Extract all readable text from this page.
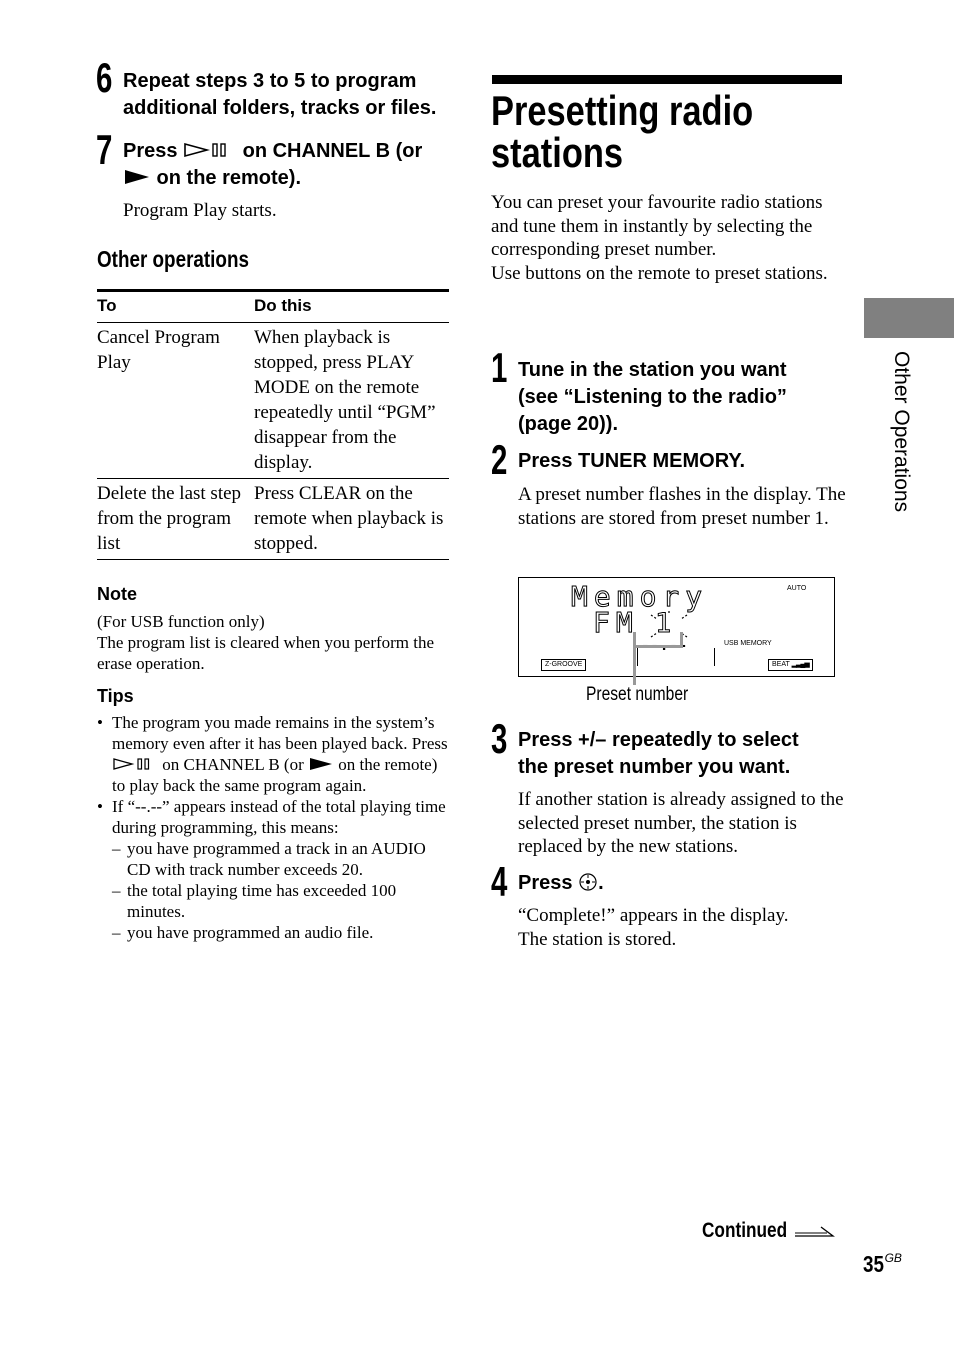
6 Repeat steps 3 to 5 to program additional folders, tracks or files.
7 Press	on CHANNEL B (or
on the remote).
Program Play starts.
Other operations
To	Do this
Cancel Program Play	When playback is stopped, press PLAY MODE on the remote repeatedly until “PGM” disappear from the display.
Delete the last step from the program list	Press CLEAR on the remote when playback is stopped.
Note
(For USB function only)
The program list is cleared when you perform the erase operation.
Tips
• The program you made remains in the system’s memory even after it has been played back. Press  on CHANNEL B (or  on the remote) to play back the same program again.
• If “--.--” appears instead of the total playing time during programming, this means:
– you have programmed a track in an AUDIO CD with track number exceeds 20.
– the total playing time has exceeded 100 minutes.
– you have programmed an audio file.
Presetting radio stations
You can preset your favourite radio stations and tune them in instantly by selecting the corresponding preset number.
Use buttons on the remote to preset stations.
1 Tune in the station you want (see “Listening to the radio” (page 20)).
2 Press TUNER MEMORY.
A preset number flashes in the display. The stations are stored from preset number 1.
Memory
FM 1
--.--
AUTO
USB MEMORY
Z-GROOVE	BEAT ▂▃▄▅
Preset number
3 Press +/– repeatedly to select the preset number you want.
If another station is already assigned to the selected preset number, the station is replaced by the new stations.
4 Press .
“Complete!” appears in the display.
The station is stored.
Other Operations
Continued
$35^{GB}$
